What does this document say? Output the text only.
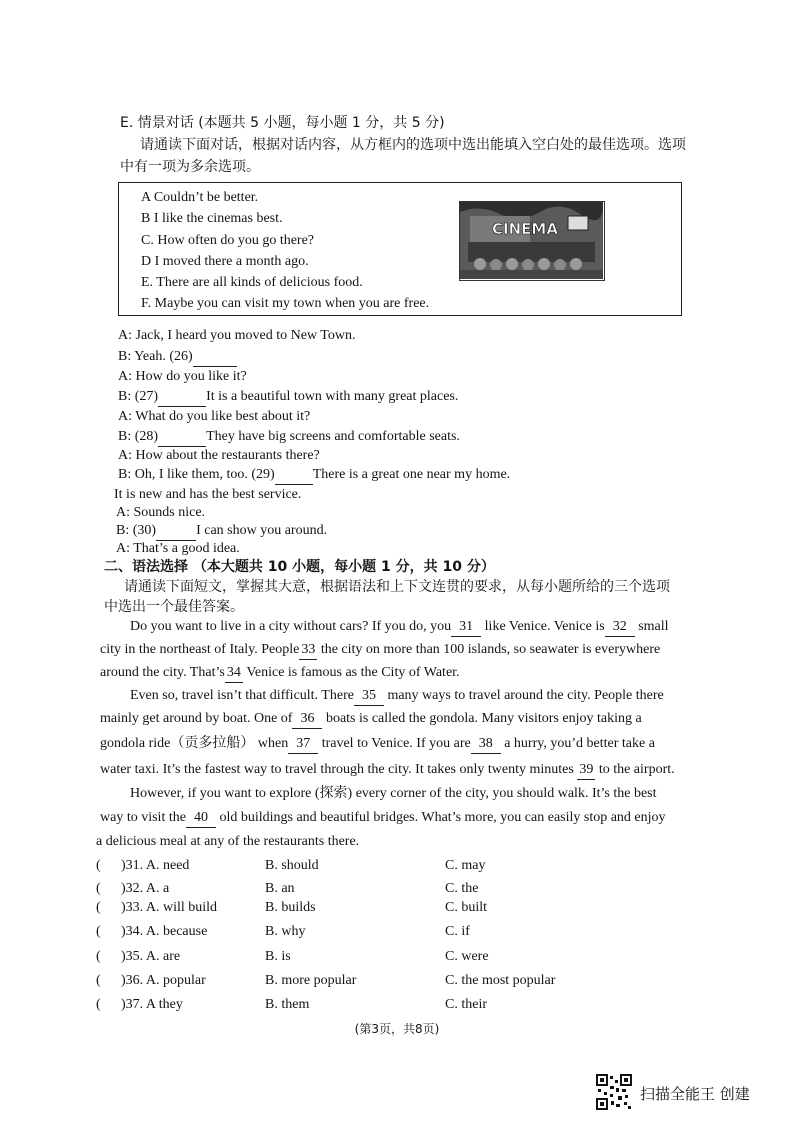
E. 情景对话 (本题共 5 小题，每小题 1 分，共 5 分)
请通读下面对话，根据对话内容，从方框内的选项中选出能填入空白处的最佳选项。选项
中有一项为多余选项。
A Couldn’t be better.
B I like the cinemas best.
C. How often do you go there?
D I moved there a month ago.
E. There are all kinds of delicious food.
F. Maybe you can visit my town when you are free.
CINEMA
A: Jack, I heard you moved to New Town.
B: Yeah. (26)
A: How do you like it?
B: (27)	It is a beautiful town with many great places.
A: What do you like best about it?
B: (28)	They have big screens and comfortable seats.
A: How about the restaurants there?
B: Oh, I like them, too. (29)	There is a great one near my home.
It is new and has the best service.
A: Sounds nice.
B: (30)	I can show you around.
A: That’s a good idea.
二、语法选择 （本大题共 10 小题，每小题 1 分，共 10 分）
请通读下面短文，掌握其大意，根据语法和上下文连贯的要求，从每小题所给的三个选项
中选出一个最佳答案。
Do you want to live in a city without cars? If you do, you 31 like Venice. Venice is 32 small
city in the northeast of Italy. People 33 the city on more than 100 islands, so seawater is everywhere
around the city. That’s 34 Venice is famous as the City of Water.
Even so, travel isn’t that difficult. There 35 many ways to travel around the city. People there
mainly get around by boat. One of 36 boats is called the gondola. Many visitors enjoy taking a
gondola ride（贡多拉船） when 37 travel to Venice. If you are 38 a hurry, you’d better take a
water taxi. It’s the fastest way to travel through the city. It takes only twenty minutes 39 to the airport.
However, if you want to explore (探索) every corner of the city, you should walk. It’s the best
way to visit the 40 old buildings and beautiful bridges. What’s more, you can easily stop and enjoy
a delicious meal at any of the restaurants there.
( )31. A. need	B. should	C. may
( )32. A. a	B. an	C. the
( )33. A. will build	B. builds	C. built
( )34. A. because	B. why	C. if
( )35. A. are	B. is	C. were
( )36. A. popular	B. more popular	C. the most popular
( )37. A they	B. them	C. their
(第3页，共8页)
扫描全能王 创建
